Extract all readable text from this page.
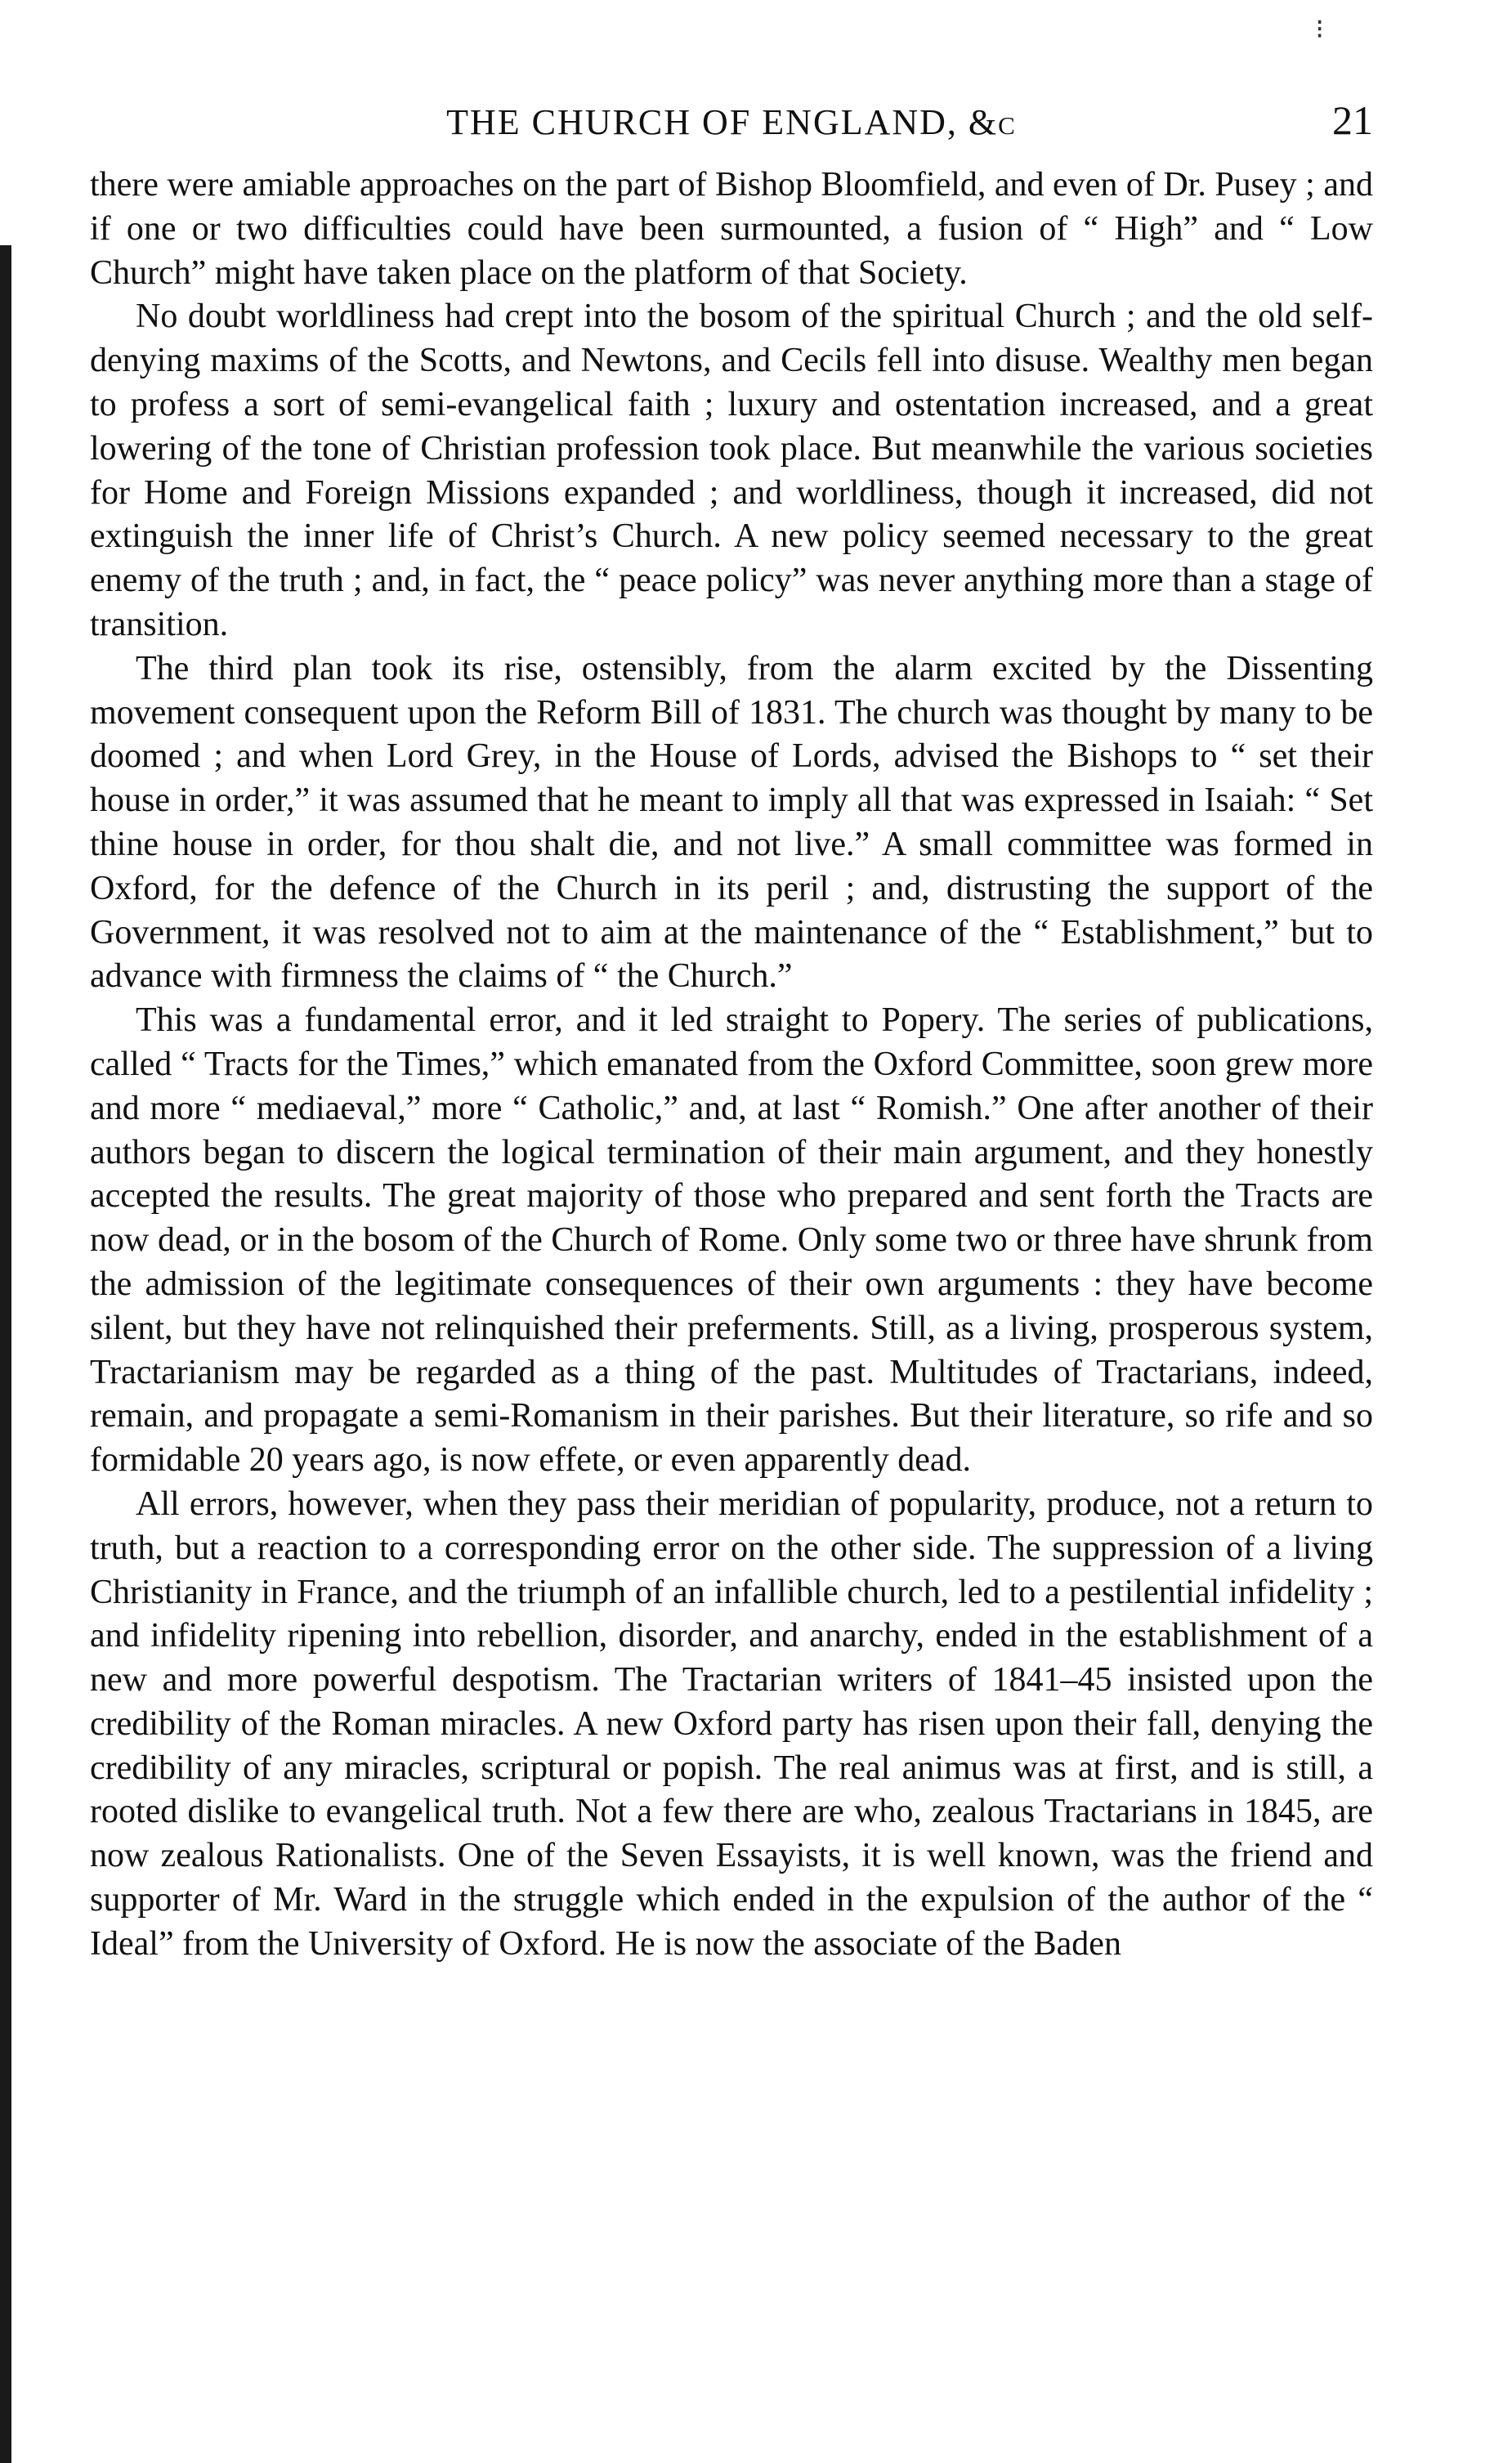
⁝
THE CHURCH OF ENGLAND, &c	21

there were amiable approaches on the part of Bishop Bloomfield, and even of Dr. Pusey ; and if one or two difficulties could have been surmounted, a fusion of “ High” and “ Low Church” might have taken place on the platform of that Society.

No doubt worldliness had crept into the bosom of the spiritual Church ; and the old self-denying maxims of the Scotts, and Newtons, and Cecils fell into disuse. Wealthy men began to profess a sort of semi-evangelical faith ; luxury and ostentation increased, and a great lowering of the tone of Christian profession took place. But meanwhile the various societies for Home and Foreign Missions expanded ; and worldliness, though it increased, did not extinguish the inner life of Christ’s Church. A new policy seemed necessary to the great enemy of the truth ; and, in fact, the “ peace policy” was never anything more than a stage of transition.

The third plan took its rise, ostensibly, from the alarm excited by the Dissenting movement consequent upon the Reform Bill of 1831. The church was thought by many to be doomed ; and when Lord Grey, in the House of Lords, advised the Bishops to “ set their house in order,” it was assumed that he meant to imply all that was expressed in Isaiah: “ Set thine house in order, for thou shalt die, and not live.” A small committee was formed in Oxford, for the defence of the Church in its peril ; and, distrusting the support of the Government, it was resolved not to aim at the maintenance of the “ Establishment,” but to advance with firmness the claims of “ the Church.”

This was a fundamental error, and it led straight to Popery. The series of publications, called “ Tracts for the Times,” which emanated from the Oxford Committee, soon grew more and more “ mediaeval,” more “ Catholic,” and, at last “ Romish.” One after another of their authors began to discern the logical termination of their main argument, and they honestly accepted the results. The great majority of those who prepared and sent forth the Tracts are now dead, or in the bosom of the Church of Rome. Only some two or three have shrunk from the admission of the legitimate consequences of their own arguments : they have become silent, but they have not relinquished their preferments. Still, as a living, prosperous system, Tractarianism may be regarded as a thing of the past. Multitudes of Tractarians, indeed, remain, and propagate a semi-Romanism in their parishes. But their literature, so rife and so formidable 20 years ago, is now effete, or even apparently dead.

All errors, however, when they pass their meridian of popularity, produce, not a return to truth, but a reaction to a corresponding error on the other side. The suppression of a living Christianity in France, and the triumph of an infallible church, led to a pestilential infidelity ; and infidelity ripening into rebellion, disorder, and anarchy, ended in the establishment of a new and more powerful despotism. The Tractarian writers of 1841–45 insisted upon the credibility of the Roman miracles. A new Oxford party has risen upon their fall, denying the credibility of any miracles, scriptural or popish. The real animus was at first, and is still, a rooted dislike to evangelical truth. Not a few there are who, zealous Tractarians in 1845, are now zealous Rationalists. One of the Seven Essayists, it is well known, was the friend and supporter of Mr. Ward in the struggle which ended in the expulsion of the author of the “ Ideal” from the University of Oxford. He is now the associate of the Baden
